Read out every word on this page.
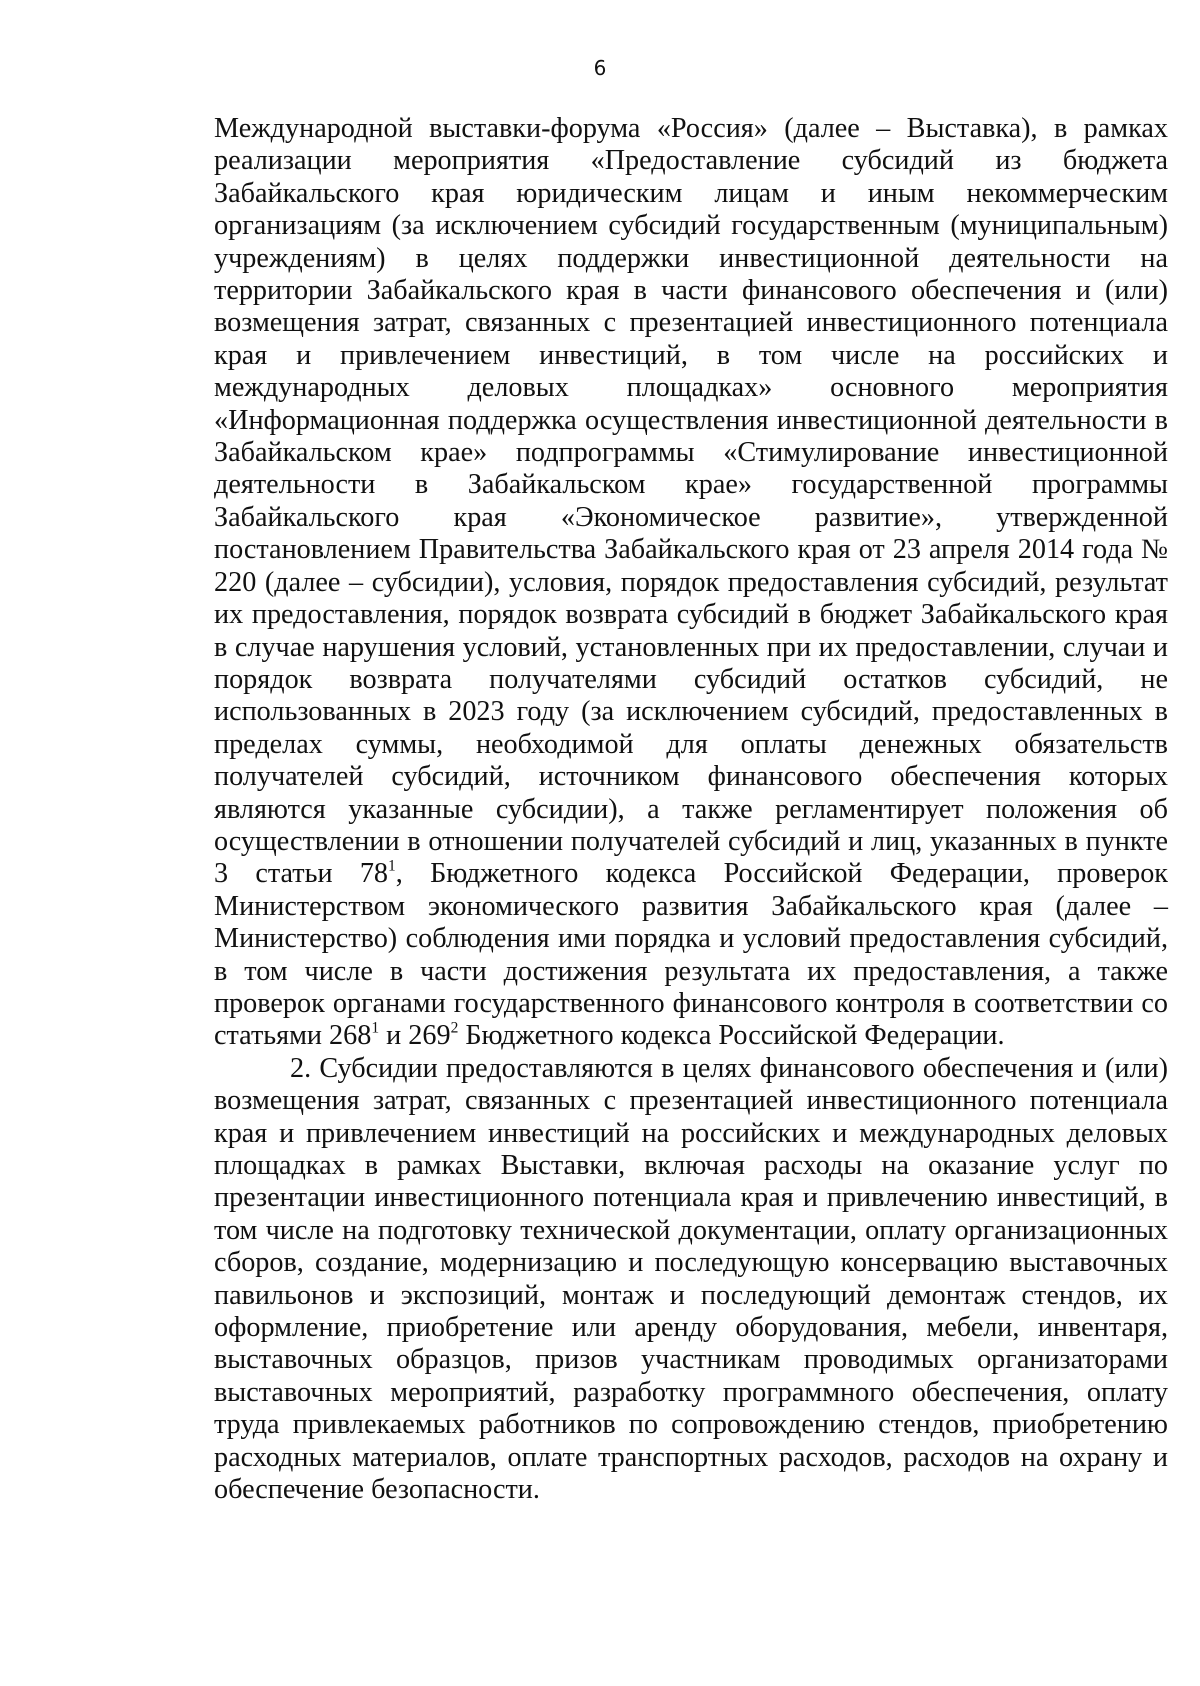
6

Международной выставки-форума «Россия» (далее – Выставка), в рамках реализации мероприятия «Предоставление субсидий из бюджета Забайкальского края юридическим лицам и иным некоммерческим организациям (за исключением субсидий государственным (муниципальным) учреждениям) в целях поддержки инвестиционной деятельности на территории Забайкальского края в части финансового обеспечения и (или) возмещения затрат, связанных с презентацией инвестиционного потенциала края и привлечением инвестиций, в том числе на российских и международных деловых площадках» основного мероприятия «Информационная поддержка осуществления инвестиционной деятельности в Забайкальском крае» подпрограммы «Стимулирование инвестиционной деятельности в Забайкальском крае» государственной программы Забайкальского края «Экономическое развитие», утвержденной постановлением Правительства Забайкальского края от 23 апреля 2014 года № 220 (далее – субсидии), условия, порядок предоставления субсидий, результат их предоставления, порядок возврата субсидий в бюджет Забайкальского края в случае нарушения условий, установленных при их предоставлении, случаи и порядок возврата получателями субсидий остатков субсидий, не использованных в 2023 году (за исключением субсидий, предоставленных в пределах суммы, необходимой для оплаты денежных обязательств получателей субсидий, источником финансового обеспечения которых являются указанные субсидии), а также регламентирует положения об осуществлении в отношении получателей субсидий и лиц, указанных в пункте 3 статьи $78^1$, Бюджетного кодекса Российской Федерации, проверок Министерством экономического развития Забайкальского края (далее – Министерство) соблюдения ими порядка и условий предоставления субсидий, в том числе в части достижения результата их предоставления, а также проверок органами государственного финансового контроля в соответствии со статьями $268^1$ и $269^2$ Бюджетного кодекса Российской Федерации.

2. Субсидии предоставляются в целях финансового обеспечения и (или) возмещения затрат, связанных с презентацией инвестиционного потенциала края и привлечением инвестиций на российских и международных деловых площадках в рамках Выставки, включая расходы на оказание услуг по презентации инвестиционного потенциала края и привлечению инвестиций, в том числе на подготовку технической документации, оплату организационных сборов, создание, модернизацию и последующую консервацию выставочных павильонов и экспозиций, монтаж и последующий демонтаж стендов, их оформление, приобретение или аренду оборудования, мебели, инвентаря, выставочных образцов, призов участникам проводимых организаторами выставочных мероприятий, разработку программного обеспечения, оплату труда привлекаемых работников по сопровождению стендов, приобретению расходных материалов, оплате транспортных расходов, расходов на охрану и обеспечение безопасности.
